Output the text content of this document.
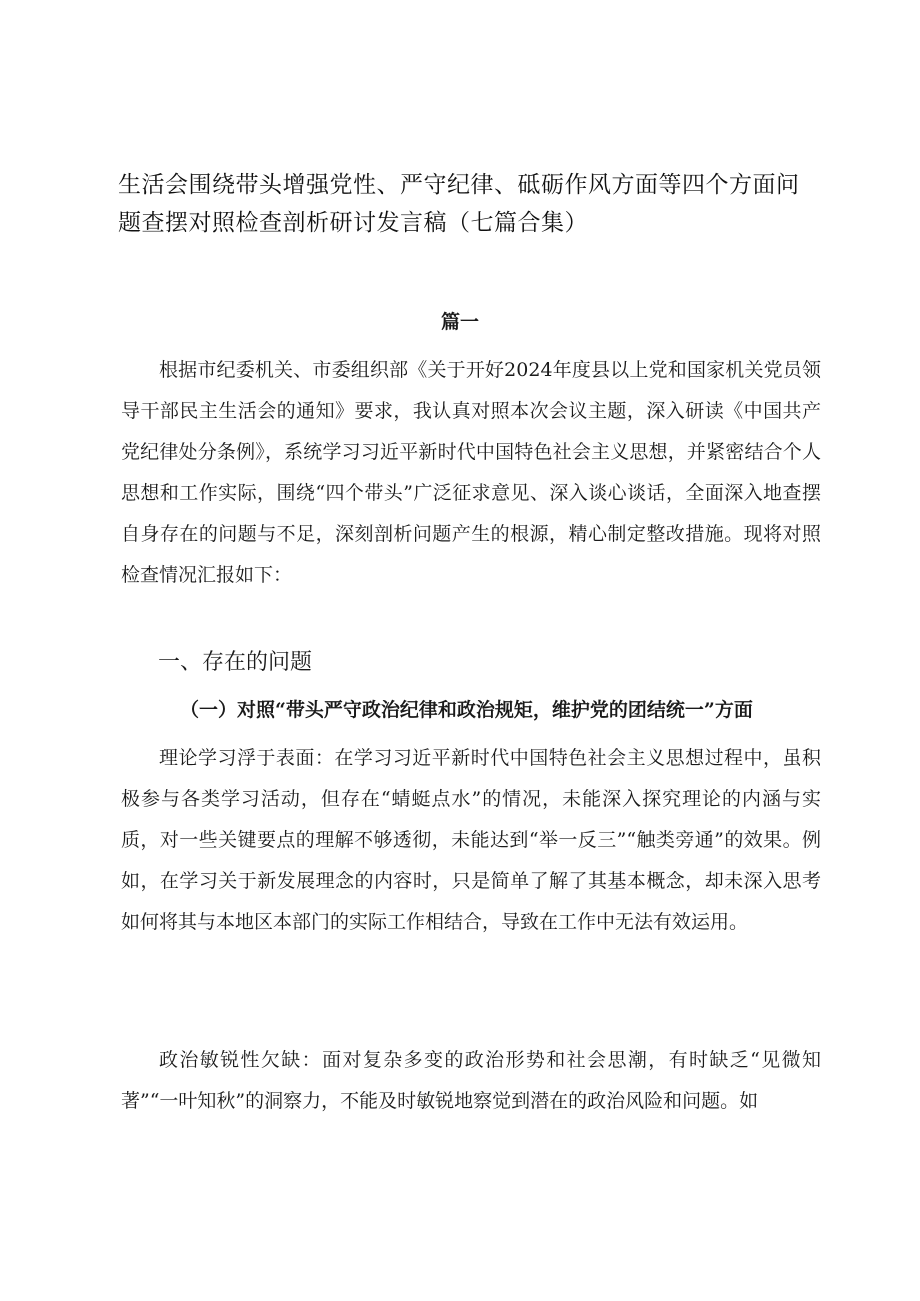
生活会围绕带头增强党性、严守纪律、砥砺作风方面等四个方面问题查摆对照检查剖析研讨发言稿（七篇合集）
篇一

根据市纪委机关、市委组织部《关于开好2024年度县以上党和国家机关党员领导干部民主生活会的通知》要求，我认真对照本次会议主题，深入研读《中国共产党纪律处分条例》，系统学习习近平新时代中国特色社会主义思想，并紧密结合个人思想和工作实际，围绕“四个带头”广泛征求意见、深入谈心谈话，全面深入地查摆自身存在的问题与不足，深刻剖析问题产生的根源，精心制定整改措施。现将对照检查情况汇报如下：

一、存在的问题
（一）对照“带头严守政治纪律和政治规矩，维护党的团结统一”方面

理论学习浮于表面：在学习习近平新时代中国特色社会主义思想过程中，虽积极参与各类学习活动，但存在“蜻蜓点水”的情况，未能深入探究理论的内涵与实质，对一些关键要点的理解不够透彻，未能达到“举一反三”“触类旁通”的效果。例如，在学习关于新发展理念的内容时，只是简单了解了其基本概念，却未深入思考如何将其与本地区本部门的实际工作相结合，导致在工作中无法有效运用。

政治敏锐性欠缺：面对复杂多变的政治形势和社会思潮，有时缺乏“见微知著”“一叶知秋”的洞察力，不能及时敏锐地察觉到潜在的政治风险和问题。如
